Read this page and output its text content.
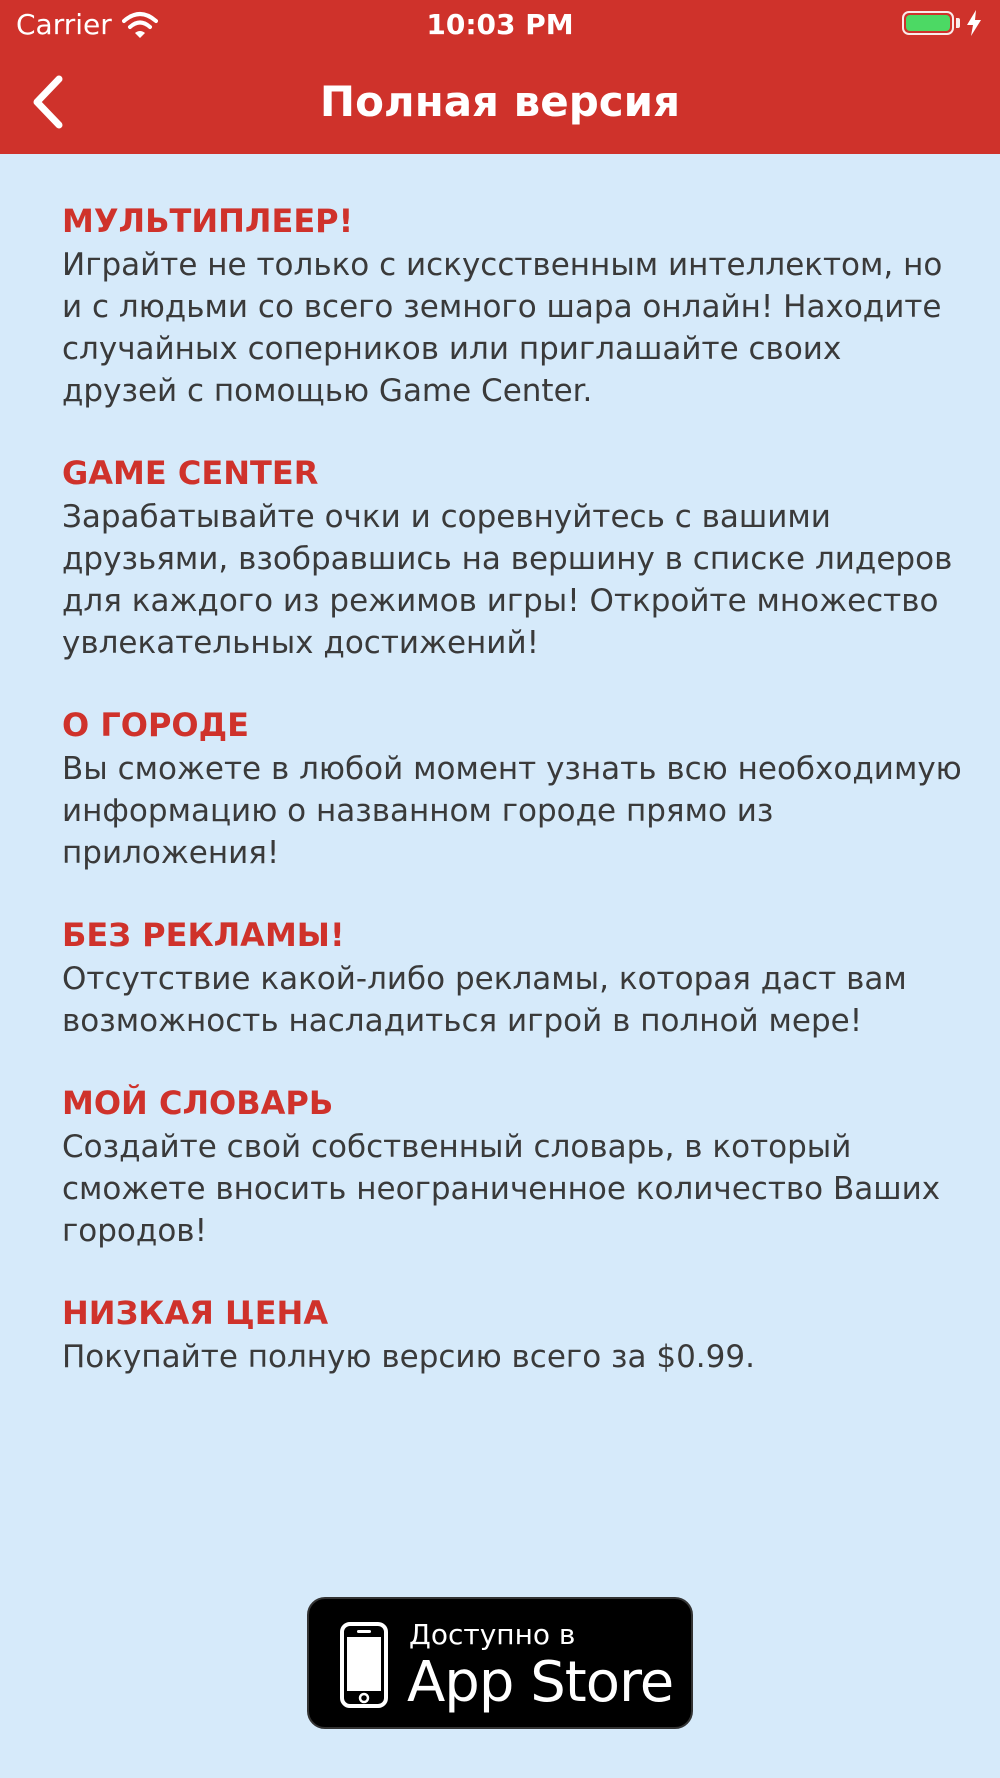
Carrier	10:03 PM
Полная версия

МУЛЬТИПЛЕЕР!

Играйте не только с искусственным интеллектом, но и с людьми со всего земного шара онлайн! Находите случайных соперников или приглашайте своих друзей с помощью Game Center.

GAME CENTER

Зарабатывайте очки и соревнуйтесь с вашими друзьями, взобравшись на вершину в списке лидеров для каждого из режимов игры! Откройте множество увлекательных достижений!

О ГОРОДЕ

Вы сможете в любой момент узнать всю необходимую информацию о названном городе прямо из приложения!

БЕЗ РЕКЛАМЫ!

Отсутствие какой-либо рекламы, которая даст вам возможность насладиться игрой в полной мере!

МОЙ СЛОВАРЬ

Создайте свой собственный словарь, в который сможете вносить неограниченное количество Ваших городов!

НИЗКАЯ ЦЕНА

Покупайте полную версию всего за $0.99.

Доступно в
App Store
